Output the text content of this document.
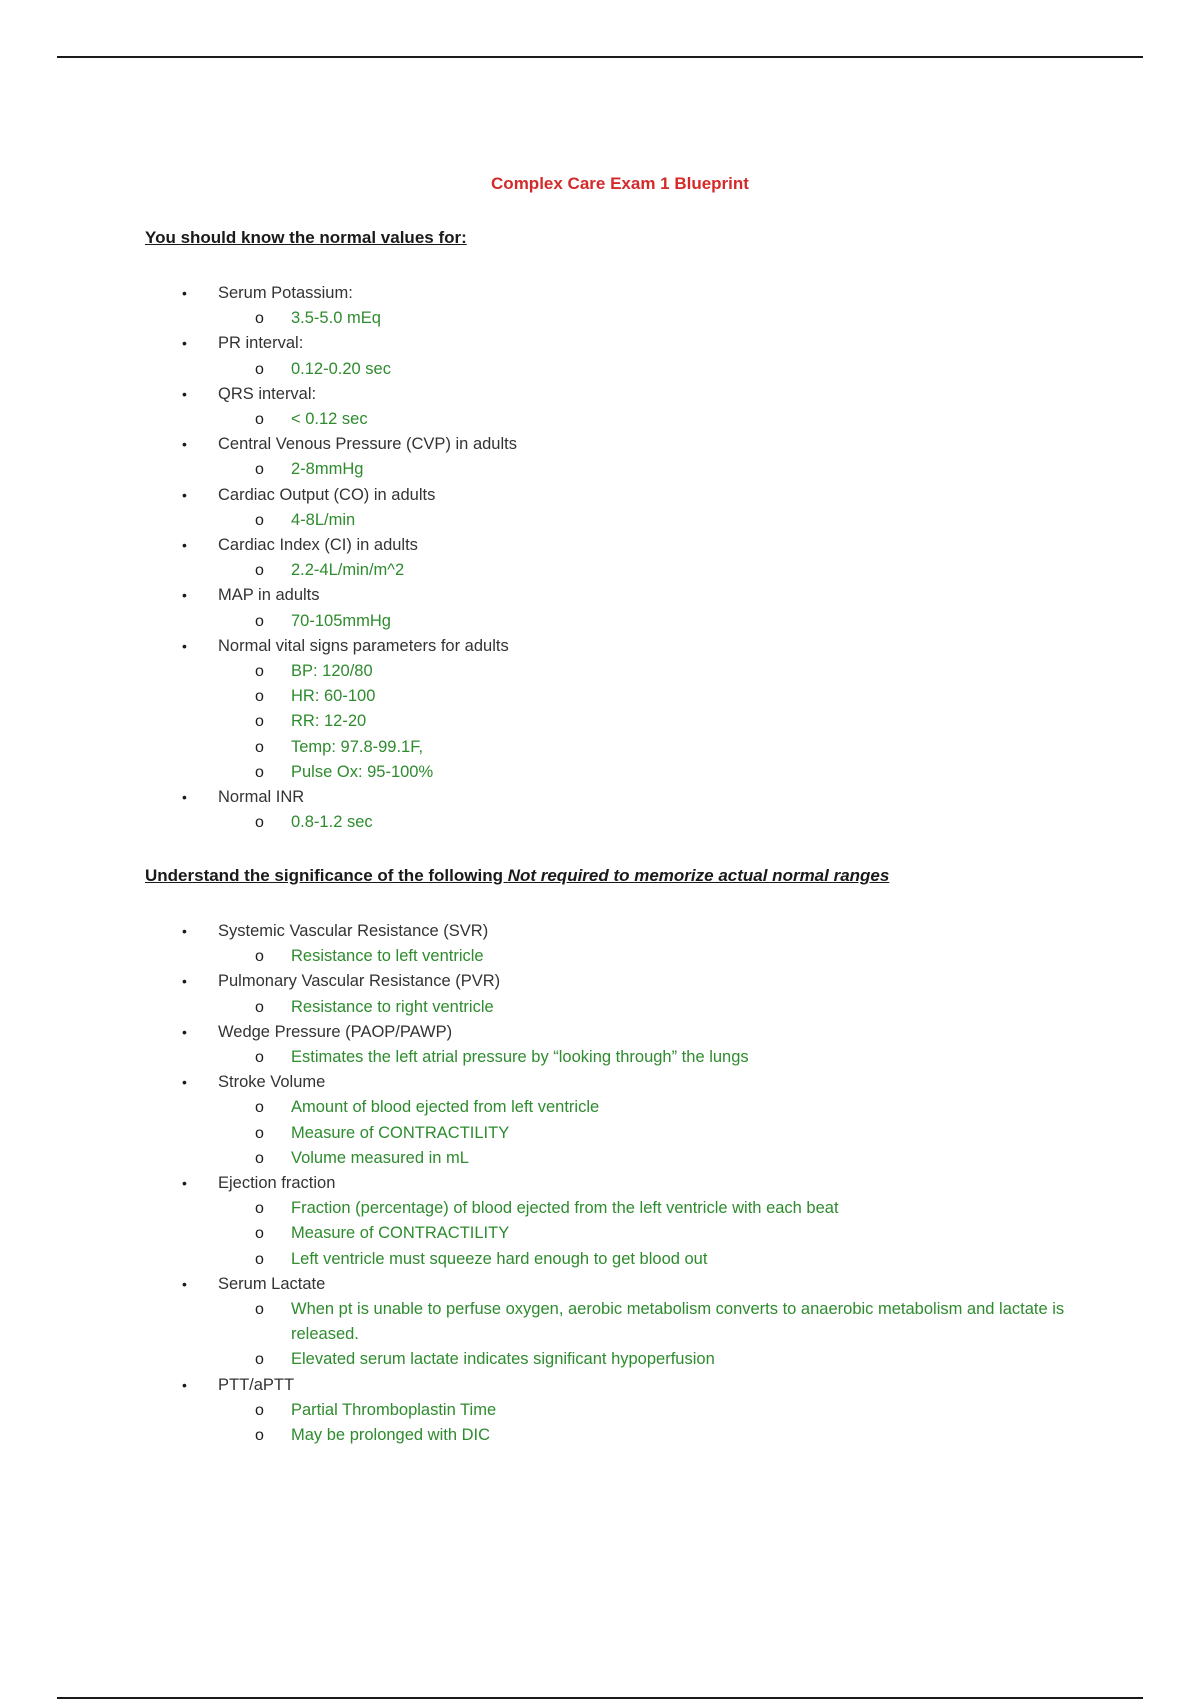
Complex Care Exam 1 Blueprint
You should know the normal values for:
• Serum Potassium:
o 3.5-5.0 mEq
• PR interval:
o 0.12-0.20 sec
• QRS interval:
o < 0.12 sec
• Central Venous Pressure (CVP) in adults
o 2-8mmHg
• Cardiac Output (CO) in adults
o 4-8L/min
• Cardiac Index (CI) in adults
o 2.2-4L/min/m^2
• MAP in adults
o 70-105mmHg
• Normal vital signs parameters for adults
o BP: 120/80
o HR: 60-100
o RR: 12-20
o Temp: 97.8-99.1F,
o Pulse Ox: 95-100%
• Normal INR
o 0.8-1.2 sec
Understand the significance of the following Not required to memorize actual normal ranges
• Systemic Vascular Resistance (SVR)
o Resistance to left ventricle
• Pulmonary Vascular Resistance (PVR)
o Resistance to right ventricle
• Wedge Pressure (PAOP/PAWP)
o Estimates the left atrial pressure by “looking through” the lungs
• Stroke Volume
o Amount of blood ejected from left ventricle
o Measure of CONTRACTILITY
o Volume measured in mL
• Ejection fraction
o Fraction (percentage) of blood ejected from the left ventricle with each beat
o Measure of CONTRACTILITY
o Left ventricle must squeeze hard enough to get blood out
• Serum Lactate
o When pt is unable to perfuse oxygen, aerobic metabolism converts to anaerobic metabolism and lactate is released.
o Elevated serum lactate indicates significant hypoperfusion
• PTT/aPTT
o Partial Thromboplastin Time
o May be prolonged with DIC
